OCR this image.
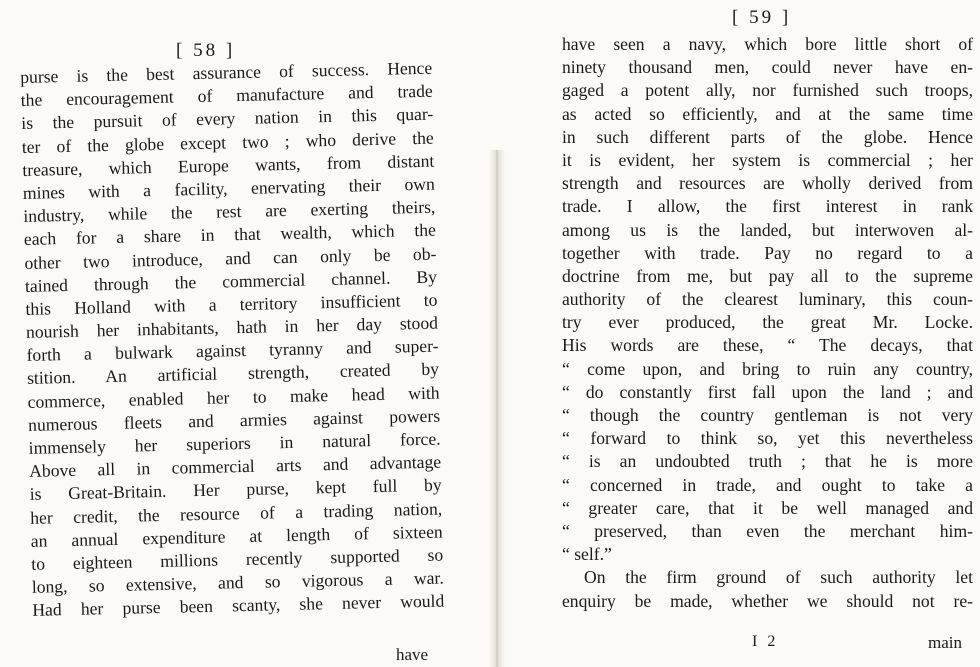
[ 58 ]
purse is the best assurance of success. Hence
the encouragement of manufacture and trade
is the pursuit of every nation in this quar-
ter of the globe except two ; who derive the
treasure, which Europe wants, from distant
mines with a facility, enervating their own
industry, while the rest are exerting theirs,
each for a share in that wealth, which the
other two introduce, and can only be ob-
tained through the commercial channel. By
this Holland with a territory insufficient to
nourish her inhabitants, hath in her day stood
forth a bulwark against tyranny and super-
stition. An artificial strength, created by
commerce, enabled her to make head with
numerous fleets and armies against powers
immensely her superiors in natural force.
Above all in commercial arts and advantage
is Great-Britain. Her purse, kept full by
her credit, the resource of a trading nation,
an annual expenditure at length of sixteen
to eighteen millions recently supported so
long, so extensive, and so vigorous a war.
Had her purse been scanty, she never would
have
[ 59 ]
have seen a navy, which bore little short of
ninety thousand men, could never have en-
gaged a potent ally, nor furnished such troops,
as acted so efficiently, and at the same time
in such different parts of the globe. Hence
it is evident, her system is commercial ; her
strength and resources are wholly derived from
trade. I allow, the first interest in rank
among us is the landed, but interwoven al-
together with trade. Pay no regard to a
doctrine from me, but pay all to the supreme
authority of the clearest luminary, this coun-
try ever produced, the great Mr. Locke.
His words are these, “ The decays, that
“ come upon, and bring to ruin any country,
“ do constantly first fall upon the land ; and
“ though the country gentleman is not very
“ forward to think so, yet this nevertheless
“ is an undoubted truth ; that he is more
“ concerned in trade, and ought to take a
“ greater care, that it be well managed and
“ preserved, than even the merchant him-
“ self.”
On the firm ground of such authority let
enquiry be made, whether we should not re-
I 2	main
